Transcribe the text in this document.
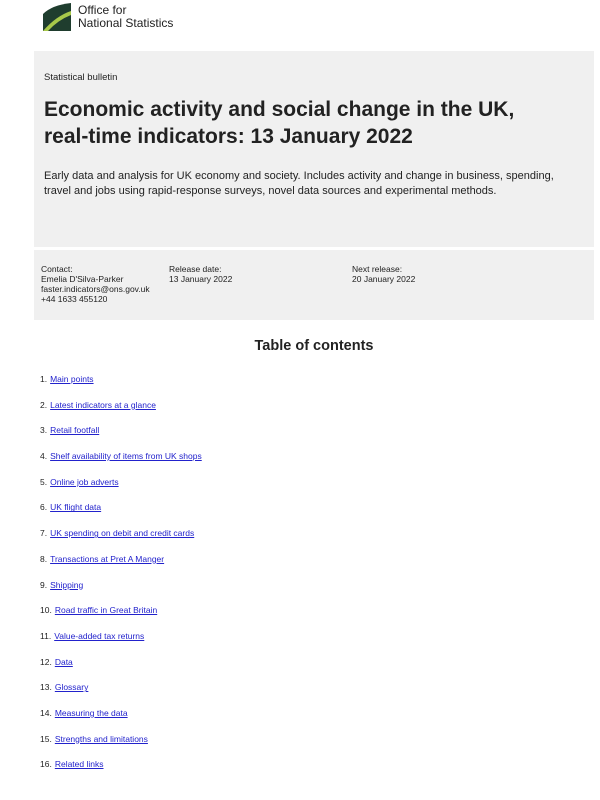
Office for
National Statistics
Statistical bulletin
Economic activity and social change in the UK, real-time indicators: 13 January 2022

Early data and analysis for UK economy and society. Includes activity and change in business, spending, travel and jobs using rapid-response surveys, novel data sources and experimental methods.

Contact:
Emelia D'Silva-Parker
faster.indicators@ons.gov.uk
+44 1633 455120
Release date:
13 January 2022
Next release:
20 January 2022
Table of contents
1. Main points
2. Latest indicators at a glance
3. Retail footfall
4. Shelf availability of items from UK shops
5. Online job adverts
6. UK flight data
7. UK spending on debit and credit cards
8. Transactions at Pret A Manger
9. Shipping
10. Road traffic in Great Britain
11. Value-added tax returns
12. Data
13. Glossary
14. Measuring the data
15. Strengths and limitations
16. Related links
